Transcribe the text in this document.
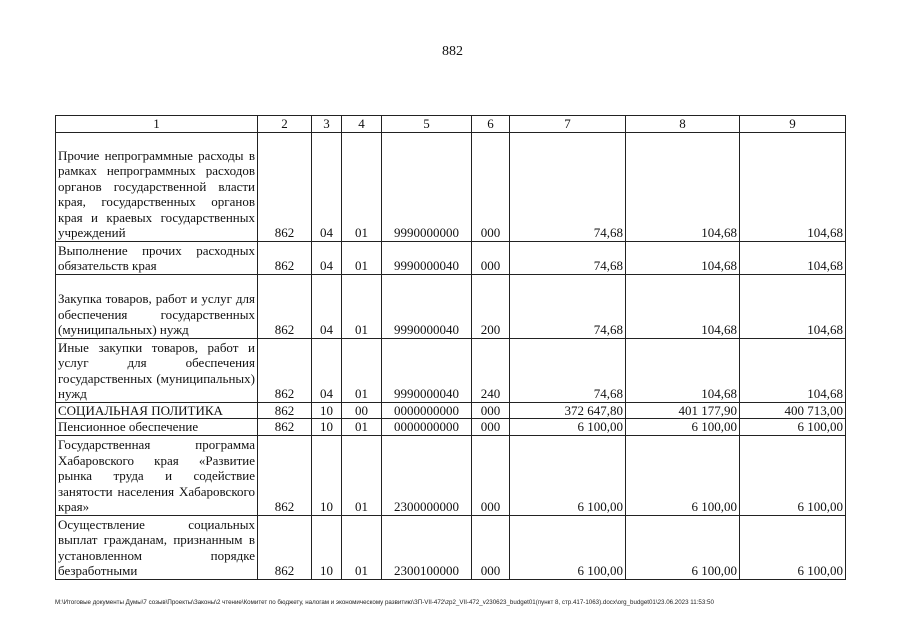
882
1	2	3	4	5	6	7	8	9
Прочие непрограммные расходы в рамках непрограммных расходов органов государственной власти края, государственных органов края и краевых государственных учреждений	862	04	01	9990000000	000	74,68	104,68	104,68
Выполнение прочих расходных обязательств края	862	04	01	9990000040	000	74,68	104,68	104,68
Закупка товаров, работ и услуг для обеспечения государственных (муниципальных) нужд	862	04	01	9990000040	200	74,68	104,68	104,68
Иные закупки товаров, работ и услуг для обеспечения государственных (муниципальных) нужд	862	04	01	9990000040	240	74,68	104,68	104,68
СОЦИАЛЬНАЯ ПОЛИТИКА	862	10	00	0000000000	000	372 647,80	401 177,90	400 713,00
Пенсионное обеспечение	862	10	01	0000000000	000	6 100,00	6 100,00	6 100,00
Государственная программа Хабаровского края «Развитие рынка труда и содействие занятости населения Хабаровского края»	862	10	01	2300000000	000	6 100,00	6 100,00	6 100,00
Осуществление социальных выплат гражданам, признанным в установленном порядке безработными	862	10	01	2300100000	000	6 100,00	6 100,00	6 100,00
M:\Итоговые документы Думы\7 созыв\Проекты\Законы\2 чтение\Комитет по бюджету, налогам и экономическому развитию\ЗП-VII-472\zp2_VII-472_v230623_budget01(пункт 8, стр.417-1063).docx\org_budget01\23.06.2023 11:53:50
